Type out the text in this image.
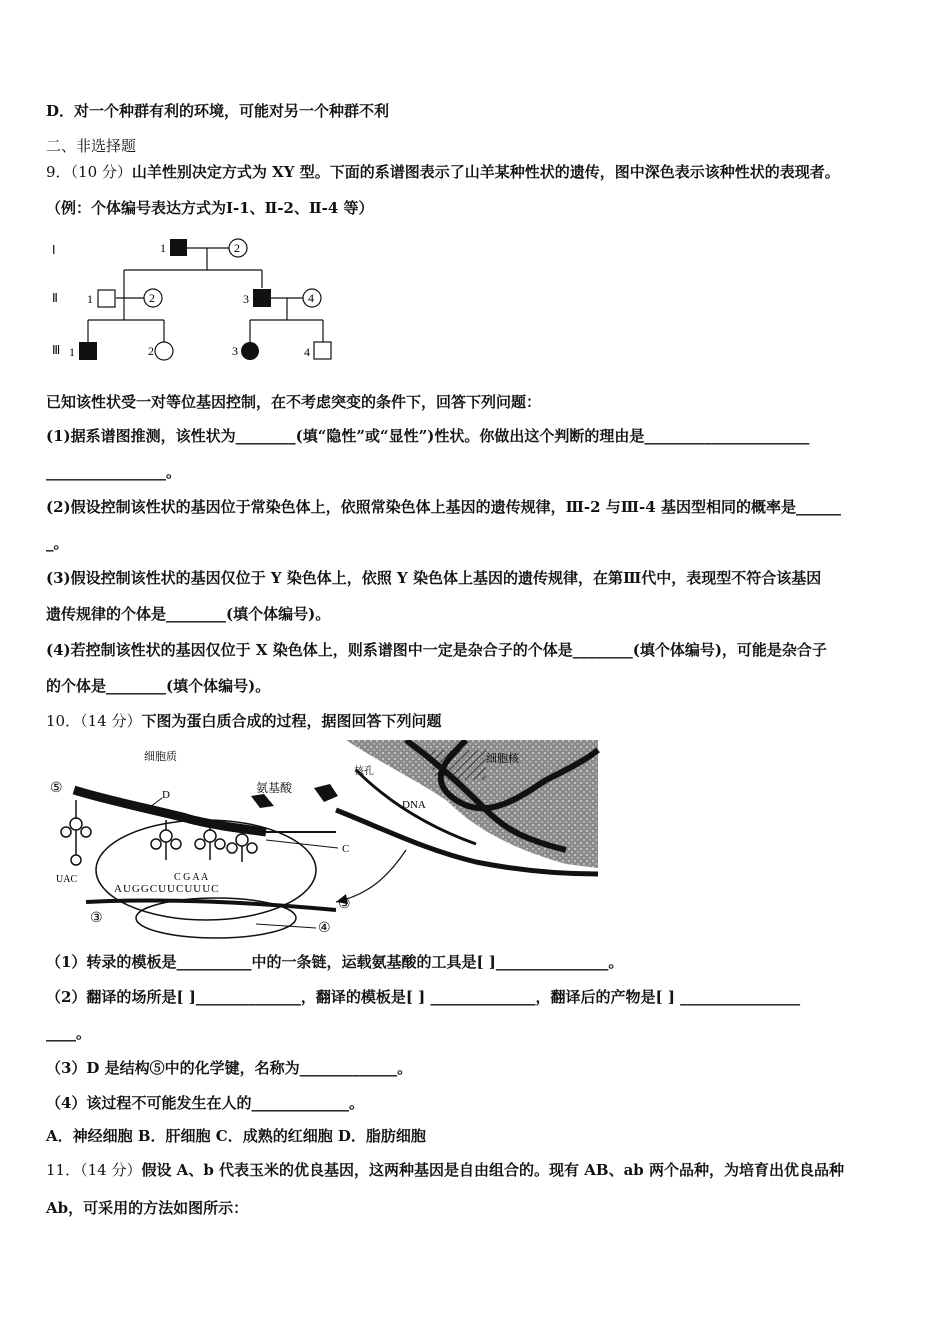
D．对一个种群有利的环境，可能对另一个种群不利
二、非选择题
9．（10 分）山羊性别决定方式为 XY 型。下面的系谱图表示了山羊某种性状的遗传，图中深色表示该种性状的表现者。
（例：个体编号表达方式为Ⅰ-1、Ⅱ-2、Ⅱ-4 等）
Ⅰ
Ⅱ
Ⅲ
1	2
1	2	3	4
1	2	3	4
已知该性状受一对等位基因控制，在不考虑突变的条件下，回答下列问题：
(1)据系谱图推测，该性状为________(填“隐性”或“显性”)性状。你做出这个判断的理由是______________________
________________。
(2)假设控制该性状的基因位于常染色体上，依照常染色体上基因的遗传规律，Ⅲ-2 与Ⅲ-4 基因型相同的概率是______
_。
(3)假设控制该性状的基因仅位于 Y 染色体上，依照 Y 染色体上基因的遗传规律，在第Ⅲ代中，表现型不符合该基因
遗传规律的个体是________(填个体编号)。
(4)若控制该性状的基因仅位于 X 染色体上，则系谱图中一定是杂合子的个体是________(填个体编号)，可能是杂合子
的个体是________(填个体编号)。
10．（14 分）下图为蛋白质合成的过程，据图回答下列问题
细胞核
核孔
DNA
细胞质
氨基酸
⑤	D
C
UAC	C G A A
AUGGCUUCUUUC
③
③
④
（1）转录的模板是__________中的一条链，运载氨基酸的工具是[ ]_______________。
（2）翻译的场所是[ ]______________，翻译的模板是[ ] ______________，翻译后的产物是[ ] ________________
____。
（3）D 是结构⑤中的化学键，名称为_____________。
（4）该过程不可能发生在人的_____________。
A．神经细胞 B．肝细胞 C．成熟的红细胞 D．脂肪细胞
11．（14 分）假设 A、b 代表玉米的优良基因，这两种基因是自由组合的。现有 AB、ab 两个品种，为培育出优良品种
Ab，可采用的方法如图所示：
